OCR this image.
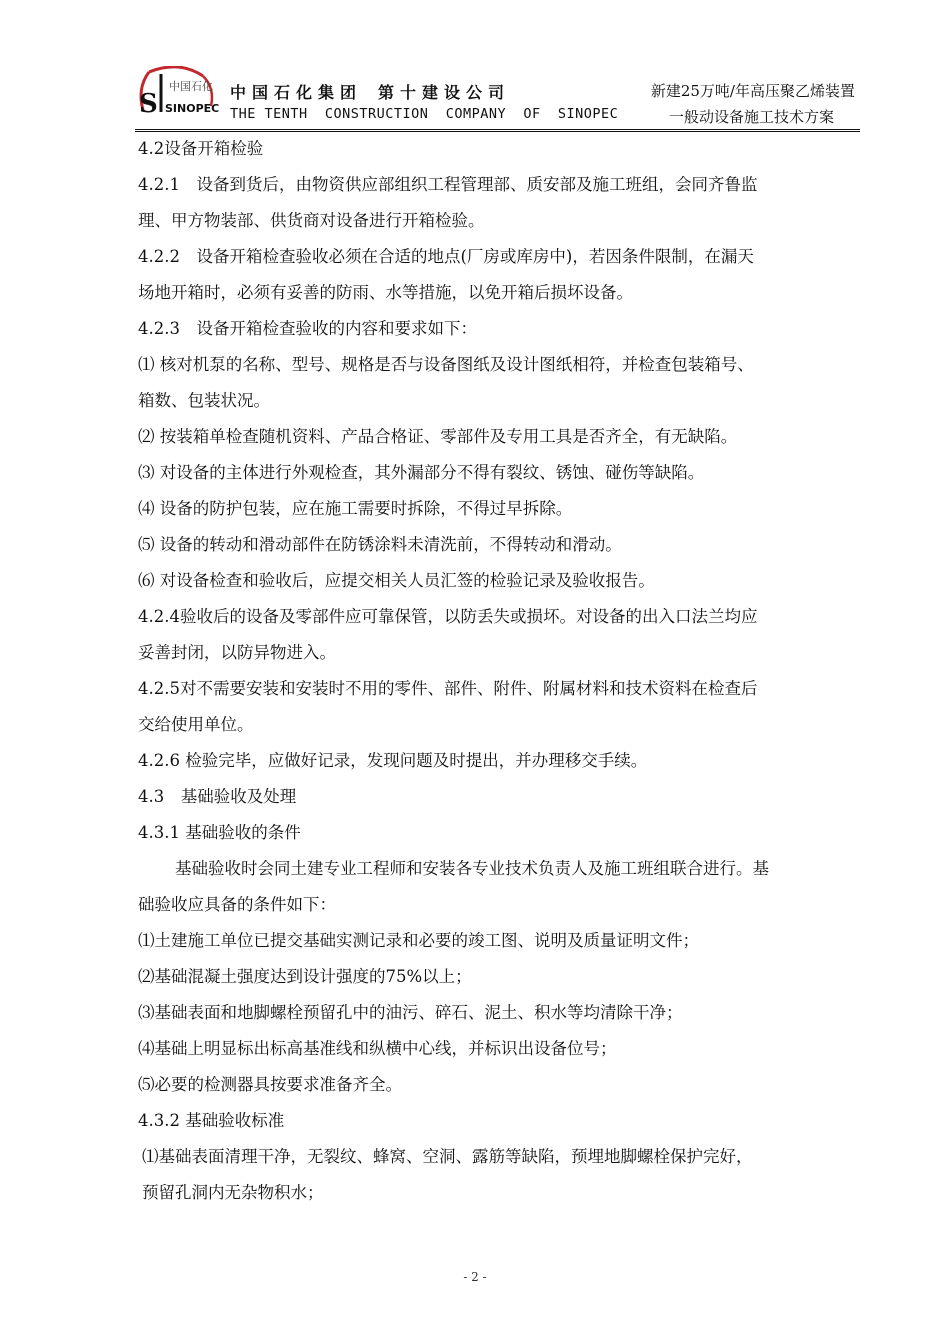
中国石化
S SINOPEC
中国石化集团 第十建设公司
THE TENTH  CONSTRUCTION  COMPANY  OF  SINOPEC
新建25万吨/年高压聚乙烯装置
一般动设备施工技术方案
4.2设备开箱检验
4.2.1　设备到货后，由物资供应部组织工程管理部、质安部及施工班组，会同齐鲁监
理、甲方物装部、供货商对设备进行开箱检验。
4.2.2　设备开箱检查验收必须在合适的地点(厂房或库房中)，若因条件限制，在漏天
场地开箱时，必须有妥善的防雨、水等措施，以免开箱后损坏设备。
4.2.3　设备开箱检查验收的内容和要求如下：
⑴ 核对机泵的名称、型号、规格是否与设备图纸及设计图纸相符，并检查包装箱号、
箱数、包装状况。
⑵ 按装箱单检查随机资料、产品合格证、零部件及专用工具是否齐全，有无缺陷。
⑶ 对设备的主体进行外观检查，其外漏部分不得有裂纹、锈蚀、碰伤等缺陷。
⑷ 设备的防护包装，应在施工需要时拆除，不得过早拆除。
⑸ 设备的转动和滑动部件在防锈涂料未清洗前，不得转动和滑动。
⑹ 对设备检查和验收后，应提交相关人员汇签的检验记录及验收报告。
4.2.4验收后的设备及零部件应可靠保管，以防丢失或损坏。对设备的出入口法兰均应
妥善封闭，以防异物进入。
4.2.5对不需要安装和安装时不用的零件、部件、附件、附属材料和技术资料在检查后
交给使用单位。
4.2.6 检验完毕，应做好记录，发现问题及时提出，并办理移交手续。
4.3　基础验收及处理
4.3.1 基础验收的条件
基础验收时会同土建专业工程师和安装各专业技术负责人及施工班组联合进行。基
础验收应具备的条件如下：
⑴土建施工单位已提交基础实测记录和必要的竣工图、说明及质量证明文件；
⑵基础混凝土强度达到设计强度的75%以上；
⑶基础表面和地脚螺栓预留孔中的油污、碎石、泥土、积水等均清除干净；
⑷基础上明显标出标高基准线和纵横中心线，并标识出设备位号；
⑸必要的检测器具按要求准备齐全。
4.3.2 基础验收标准
⑴基础表面清理干净，无裂纹、蜂窝、空洞、露筋等缺陷，预埋地脚螺栓保护完好，
预留孔洞内无杂物积水；
- 2 -
